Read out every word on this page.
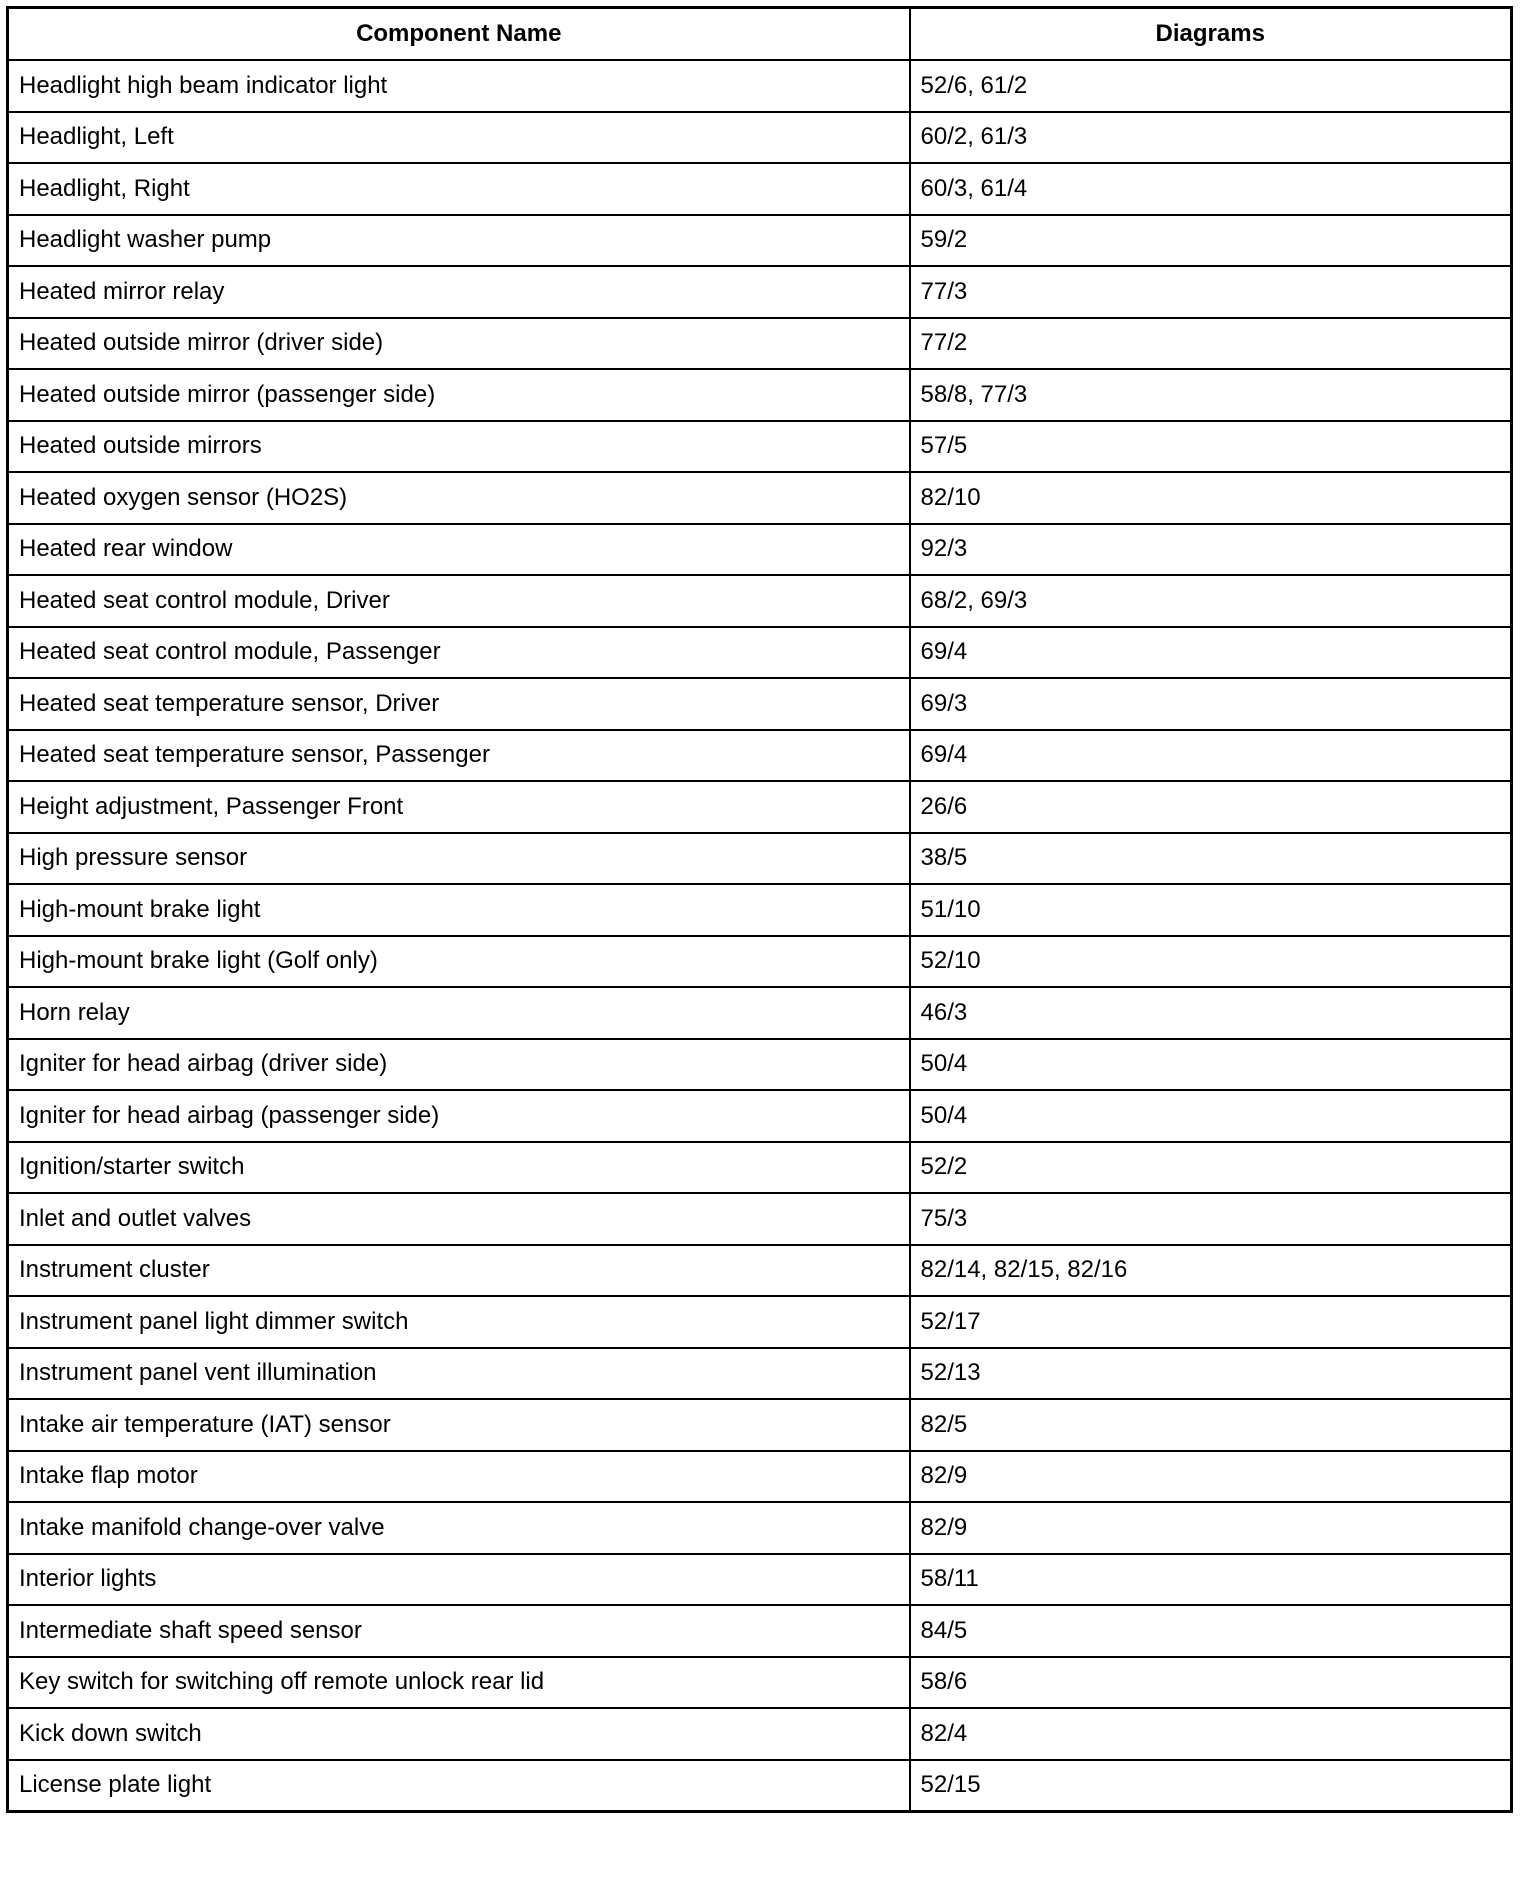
Component Name	Diagrams
Headlight high beam indicator light	52/6, 61/2
Headlight, Left	60/2, 61/3
Headlight, Right	60/3, 61/4
Headlight washer pump	59/2
Heated mirror relay	77/3
Heated outside mirror (driver side)	77/2
Heated outside mirror (passenger side)	58/8, 77/3
Heated outside mirrors	57/5
Heated oxygen sensor (HO2S)	82/10
Heated rear window	92/3
Heated seat control module, Driver	68/2, 69/3
Heated seat control module, Passenger	69/4
Heated seat temperature sensor, Driver	69/3
Heated seat temperature sensor, Passenger	69/4
Height adjustment, Passenger Front	26/6
High pressure sensor	38/5
High-mount brake light	51/10
High-mount brake light (Golf only)	52/10
Horn relay	46/3
Igniter for head airbag (driver side)	50/4
Igniter for head airbag (passenger side)	50/4
Ignition/starter switch	52/2
Inlet and outlet valves	75/3
Instrument cluster	82/14, 82/15, 82/16
Instrument panel light dimmer switch	52/17
Instrument panel vent illumination	52/13
Intake air temperature (IAT) sensor	82/5
Intake flap motor	82/9
Intake manifold change-over valve	82/9
Interior lights	58/11
Intermediate shaft speed sensor	84/5
Key switch for switching off remote unlock rear lid	58/6
Kick down switch	82/4
License plate light	52/15
